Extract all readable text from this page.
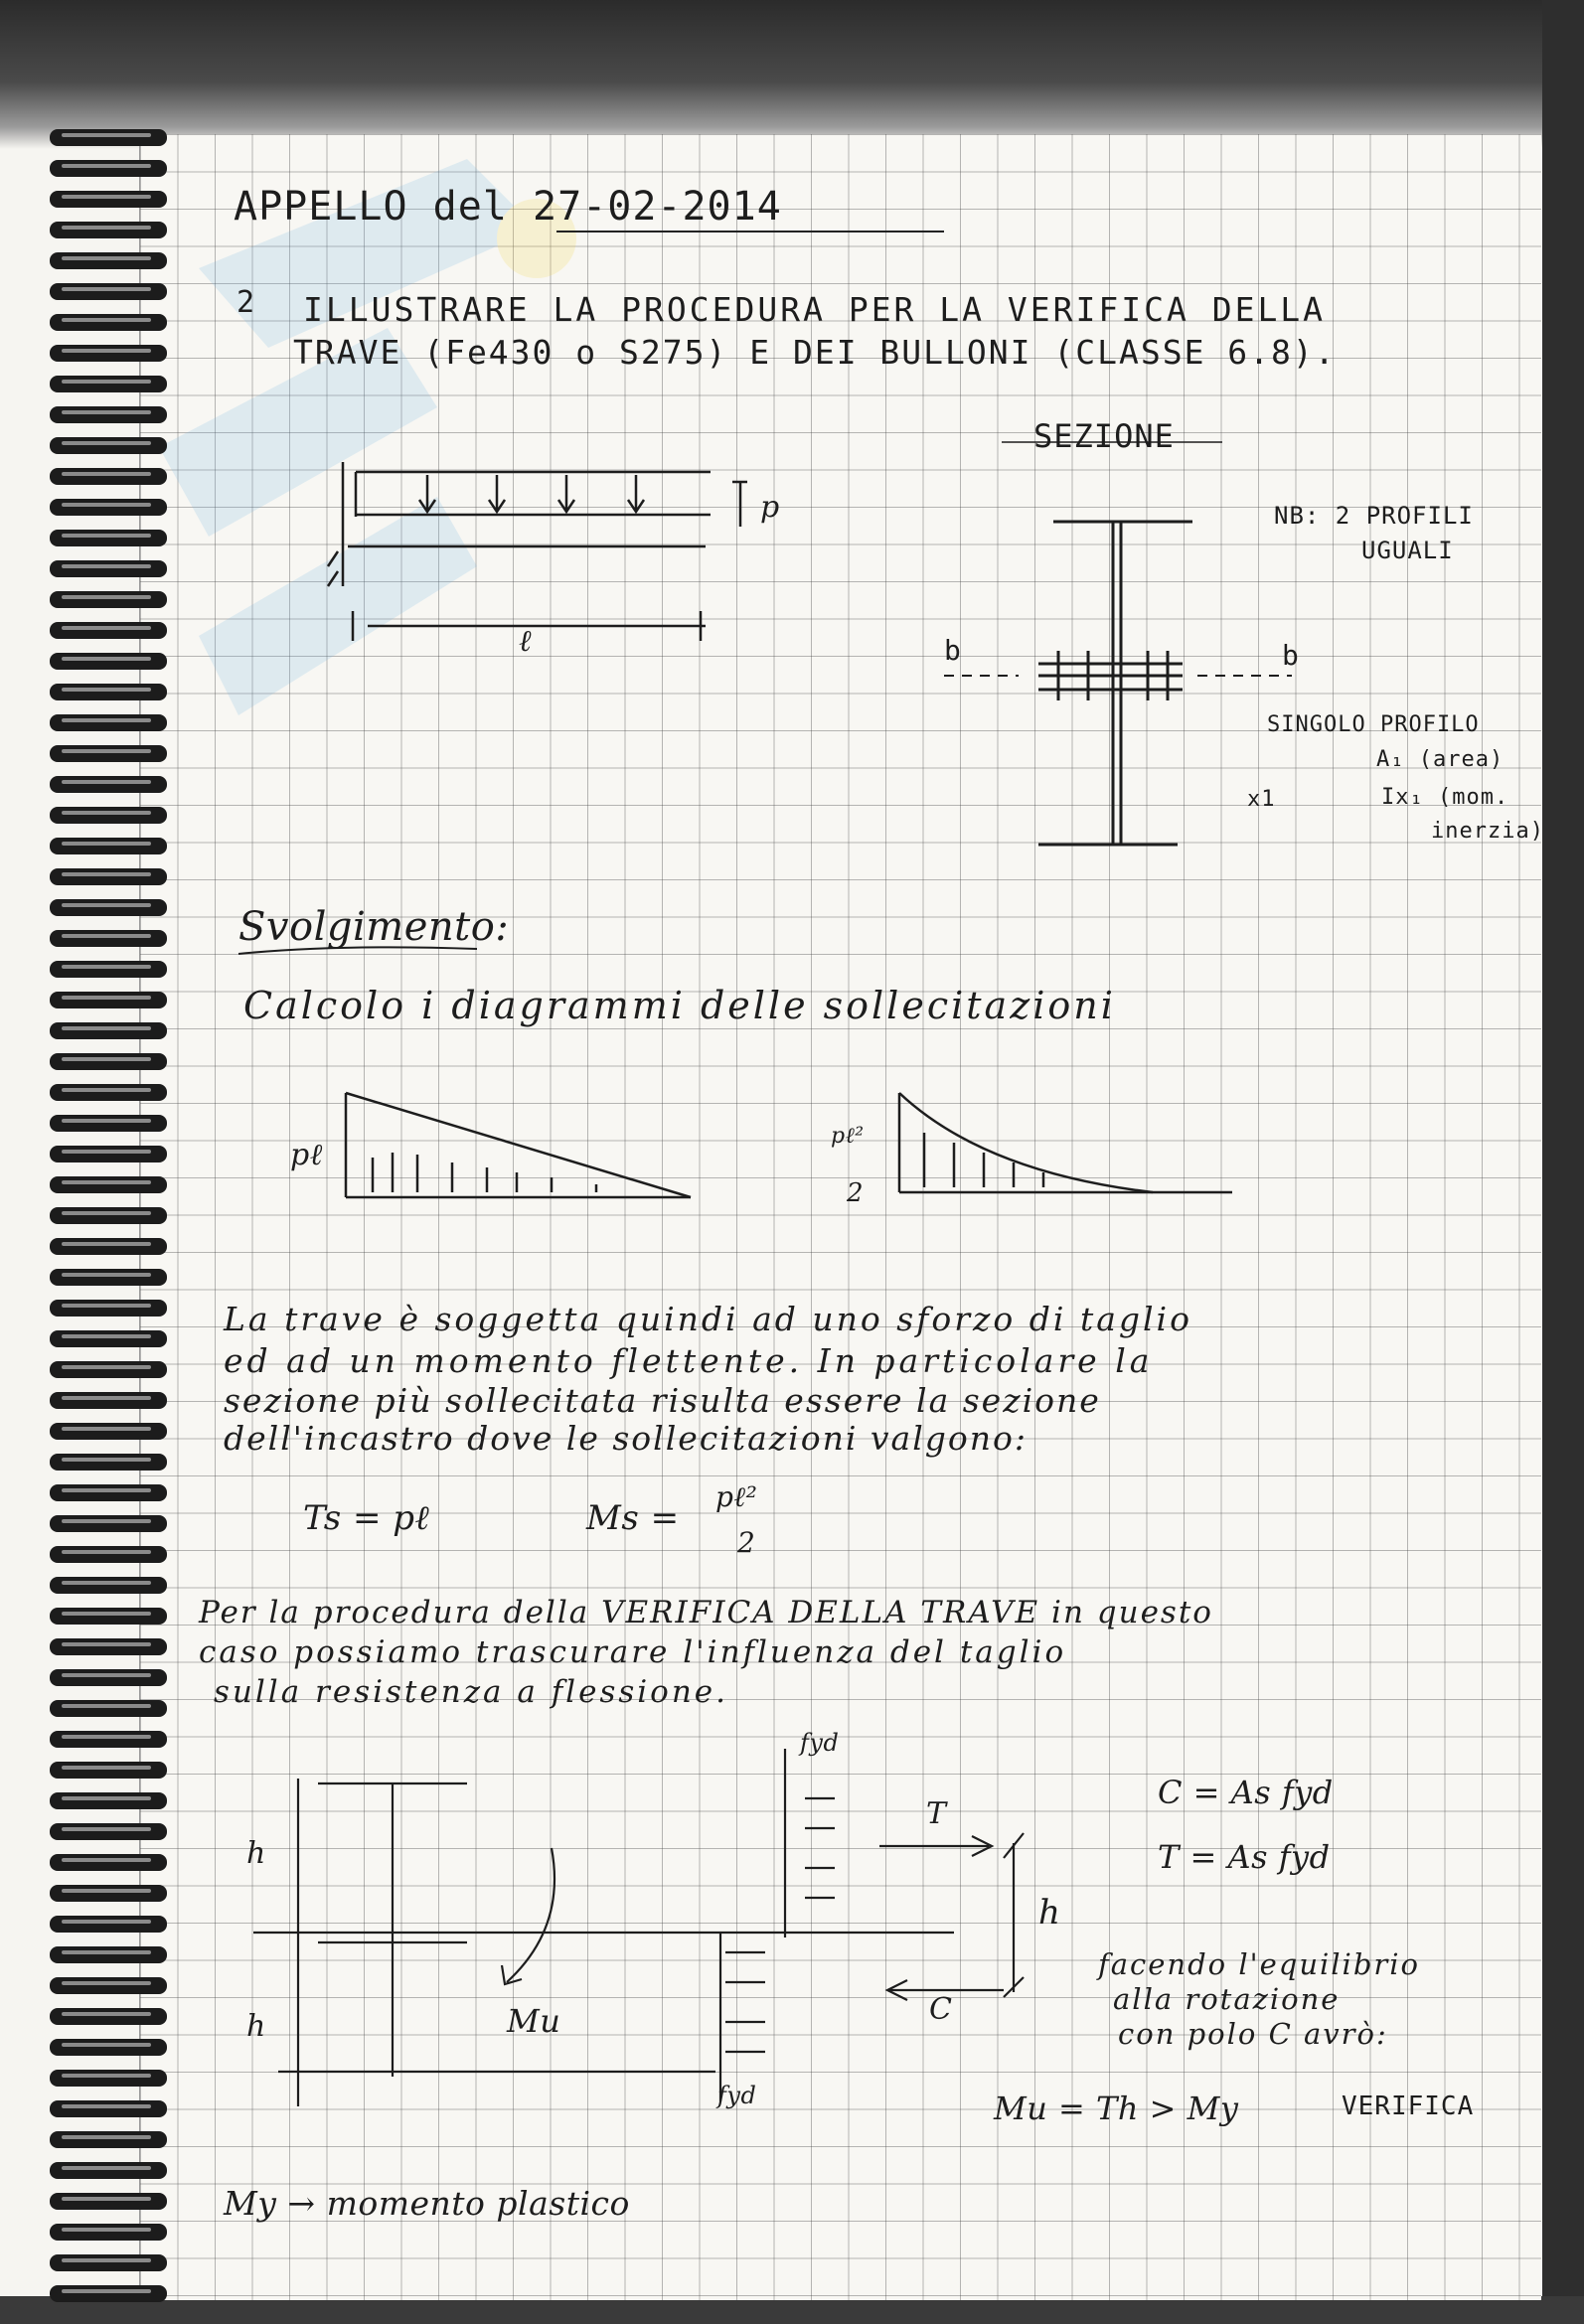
APPELLO del 27-02-2014
2 ILLUSTRARE LA PROCEDURA PER LA VERIFICA DELLA
TRAVE (Fe430 o S275) E DEI BULLONI (CLASSE 6.8).
SEZIONE
NB: 2 PROFILI
UGUALI
p
ℓ	b	b
SINGOLO PROFILO
A₁ (area)
x1	Ix₁ (mom.
inerzia)
Svolgimento:
Calcolo i diagrammi delle sollecitazioni
pℓ
pℓ²
2
La trave è soggetta quindi ad uno sforzo di taglio
ed ad un momento flettente. In particolare la
sezione più sollecitata risulta essere la sezione
dell'incastro dove le sollecitazioni valgono:
Ts = pℓ	Ms =
pℓ²
2
Per la procedura della VERIFICA DELLA TRAVE in questo
caso possiamo trascurare l'influenza del taglio
sulla resistenza a flessione.
fyd
fyd
h
h	Mu
T
C
h
C = As fyd
T = As fyd
facendo l'equilibrio
alla rotazione
con polo C avrò:
Mu = Th > My	VERIFICA
My → momento plastico
